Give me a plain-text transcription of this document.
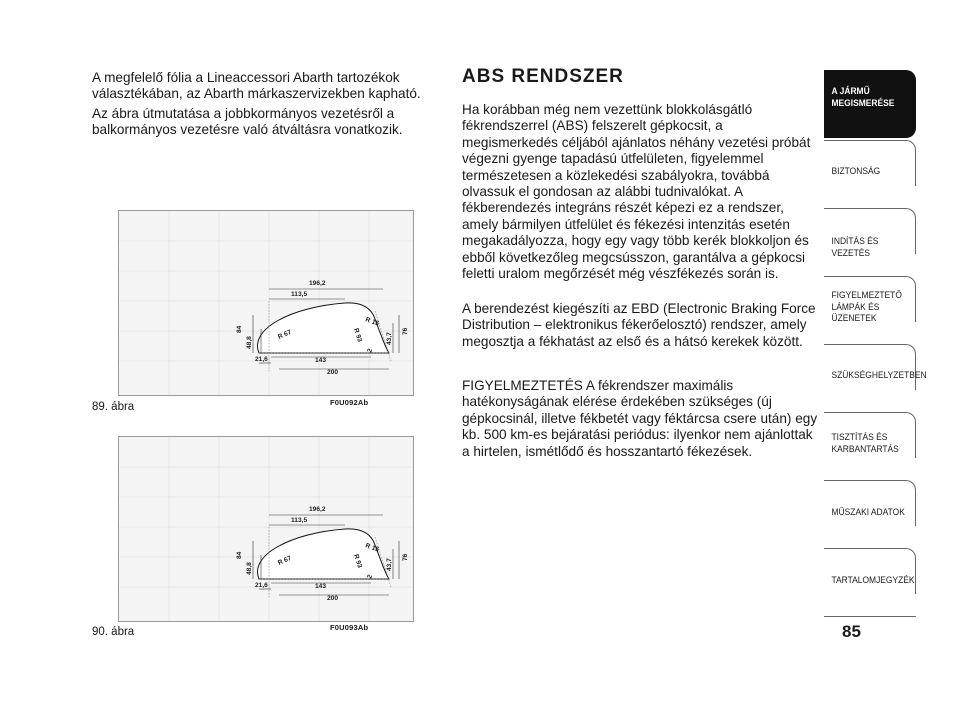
A megfelelő fólia a Lineaccessori Abarth tartozékok választékában, az Abarth márkaszervizekben kapható.

Az ábra útmutatása a jobbkormányos vezetésről a balkormányos vezetésre való átváltásra vonatkozik.

196,2
113,5
84
48,8
21,6	143
200
R 67	R 93
R 15
43,7
76
2
89. ábra	F0U092Ab
196,2
113,5
84
48,8
21,6	143
200
R 67	R 93
R 15
43,7
76
2
90. ábra	F0U093Ab
ABS RENDSZER

Ha korábban még nem vezettünk blokkolásgátló fékrendszerrel (ABS) felszerelt gépkocsit, a megismerkedés céljából ajánlatos néhány vezetési próbát végezni gyenge tapadású útfelületen, figyelemmel természetesen a közlekedési szabályokra, továbbá olvassuk el gondosan az alábbi tudnivalókat. A fékberendezés integráns részét képezi ez a rendszer, amely bármilyen útfelület és fékezési intenzitás esetén megakadályozza, hogy egy vagy több kerék blokkoljon és ebből következőleg megcsússzon, garantálva a gépkocsi feletti uralom megőrzését még vészfékezés során is.

A berendezést kiegészíti az EBD (Electronic Braking Force Distribution – elektronikus fékerőelosztó) rendszer, amely megosztja a fékhatást az első és a hátsó kerekek között.

FIGYELMEZTETÉS A fékrendszer maximális hatékonyságának elérése érdekében szükséges (új gépkocsinál, illetve fékbetét vagy féktárcsa csere után) egy kb. 500 km-es bejáratási periódus: ilyenkor nem ajánlottak a hirtelen, ismétlődő és hosszantartó fékezések.

A JÁRMŰ MEGISMERÉSE
BIZTONSÁG
INDÍTÁS ÉS VEZETÉS
FIGYELMEZTETŐ LÁMPÁK ÉS ÜZENETEK
SZÜKSÉGHELYZETBEN
TISZTÍTÁS ÉS KARBANTARTÁS
MŰSZAKI ADATOK
TARTALOMJEGYZÉK
85
